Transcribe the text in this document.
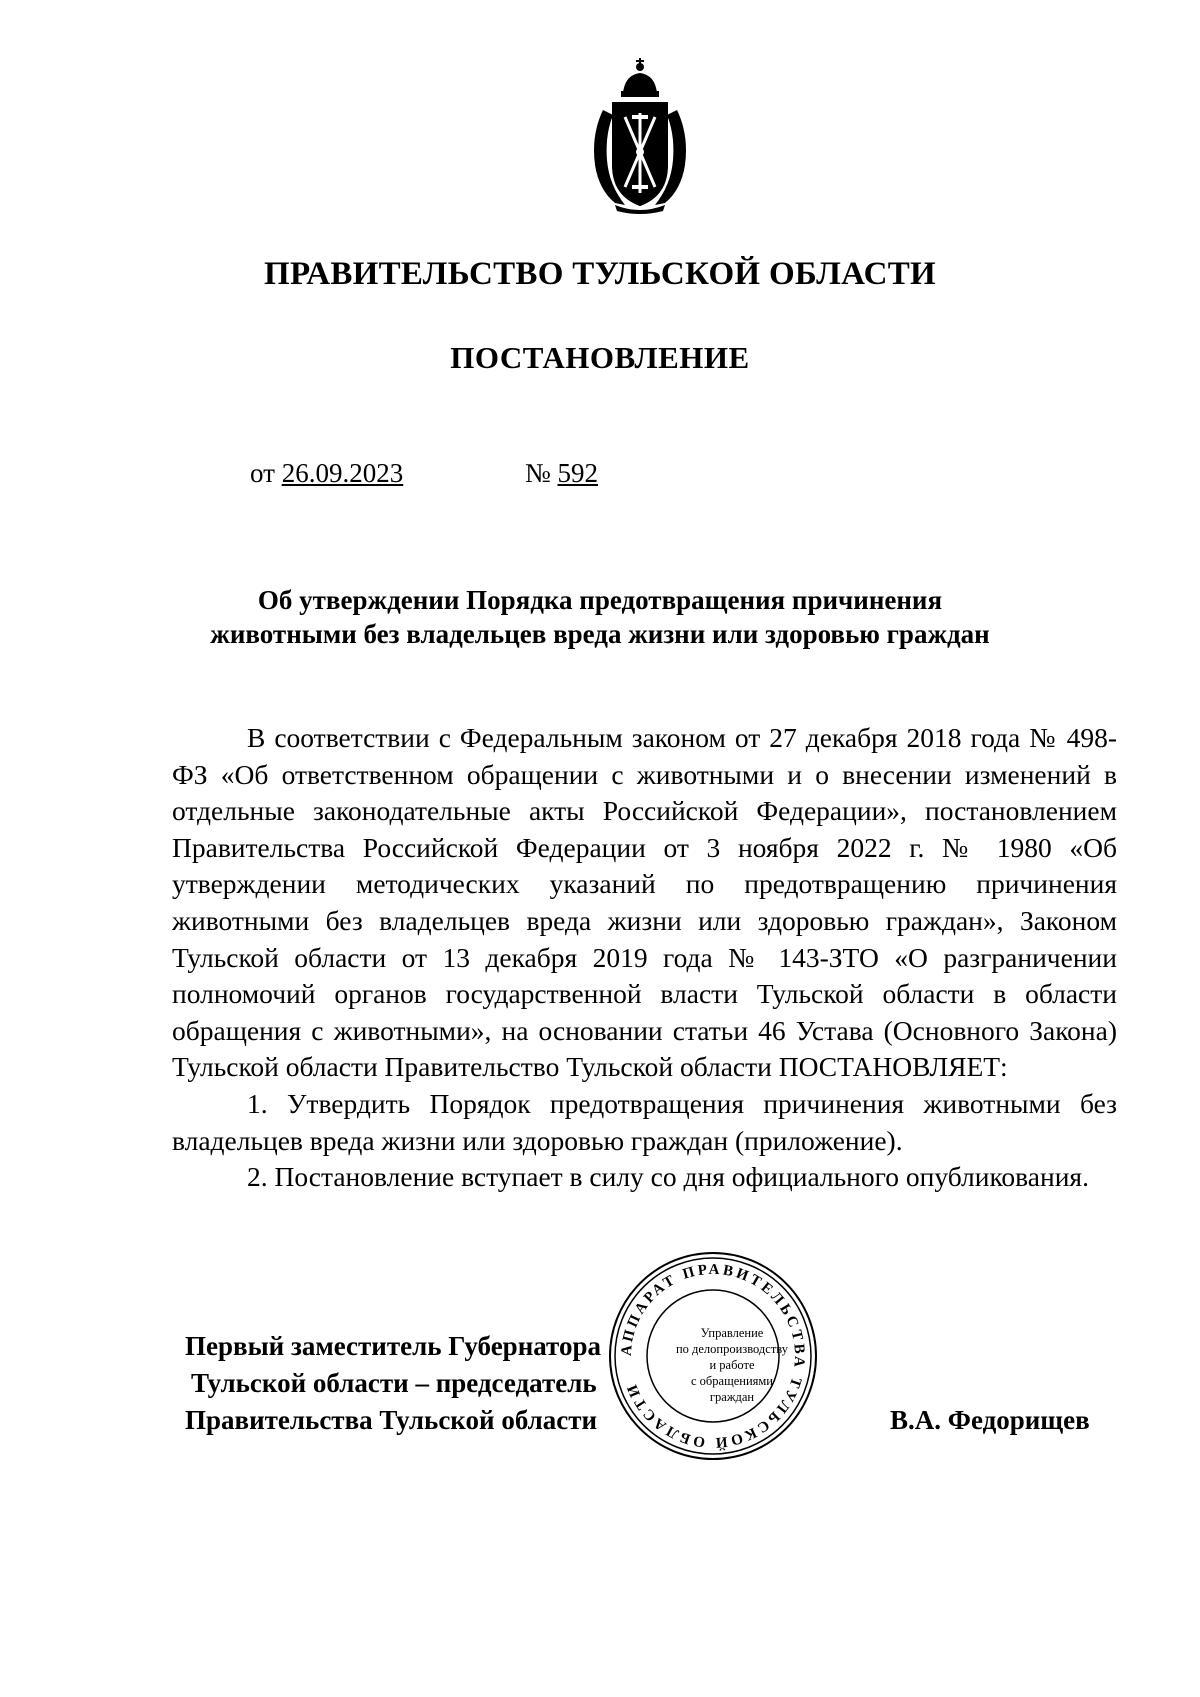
ПРАВИТЕЛЬСТВО ТУЛЬСКОЙ ОБЛАСТИ
ПОСТАНОВЛЕНИЕ
от 26.09.2023	№ 592
Об утверждении Порядка предотвращения причинения
животными без владельцев вреда жизни или здоровью граждан

В соответствии с Федеральным законом от 27 декабря 2018 года № 498-ФЗ «Об ответственном обращении с животными и о внесении изменений в отдельные законодательные акты Российской Федерации», постановлением Правительства Российской Федерации от 3 ноября 2022 г. № 1980 «Об утверждении методических указаний по предотвращению причинения животными без владельцев вреда жизни или здоровью граждан», Законом Тульской области от 13 декабря 2019 года № 143-ЗТО «О разграничении полномочий органов государственной власти Тульской области в области обращения с животными», на основании статьи 46 Устава (Основного Закона) Тульской области Правительство Тульской области ПОСТАНОВЛЯЕТ:

1. Утвердить Порядок предотвращения причинения животными без владельцев вреда жизни или здоровью граждан (приложение).

2. Постановление вступает в силу со дня официального опубликования.

Первый заместитель Губернатора
Тульской области – председатель
Правительства Тульской области	В.А. Федорищев
АППАРАТ ПРАВИТЕЛЬСТВА ТУЛЬСКОЙ ОБЛАСТИ
Управление
по делопроизводству
и работе
с обращениями
граждан
